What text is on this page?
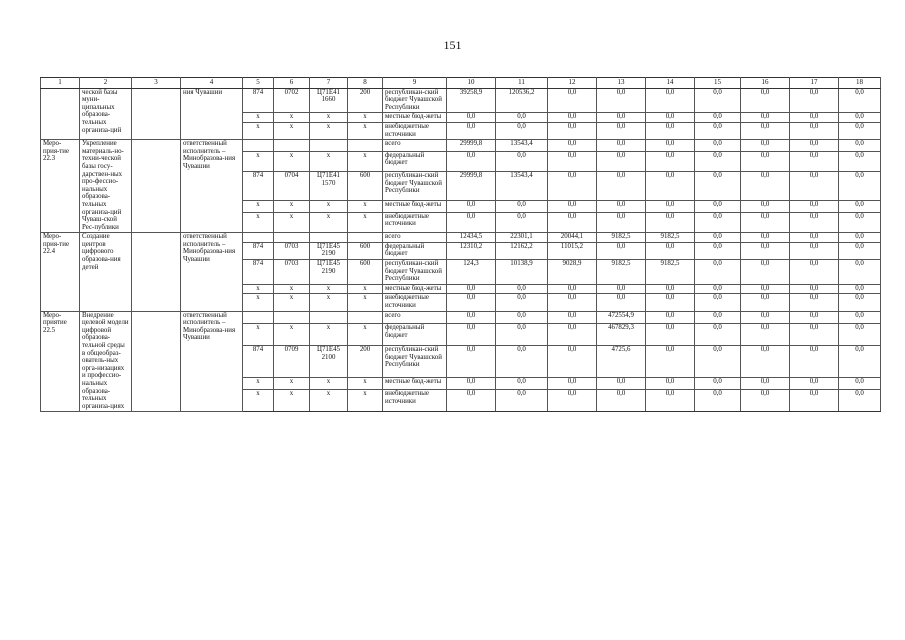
151
1	2	3	4	5	6	7	8	9	10	11	12	13	14	15	16	17	18
	ческой базы муни-ципальных образова-тельных организа-ций		ния Чувашии	874	0702	Ц71Е41 1660	200	республикан-ский бюджет Чувашской Республики	39258,9	120536,2	0,0	0,0	0,0	0,0	0,0	0,0	0,0
				x	x	x	x	местные бюд-жеты	0,0	0,0	0,0	0,0	0,0	0,0	0,0	0,0	0,0
				x	x	x	x	внебюджетные источники	0,0	0,0	0,0	0,0	0,0	0,0	0,0	0,0	0,0
Меро-прия-тие 22.3	Укрепление материаль-но-техни-ческой базы госу-дарствен-ных про-фессио-нальных образова-тельных организа-ций Чуваш-ской Рес-публики		ответственный исполнитель – Минобразова-ния Чувашии					всего	29999,8	13543,4	0,0	0,0	0,0	0,0	0,0	0,0	0,0
				x	x	x	x	федеральный бюджет	0,0	0,0	0,0	0,0	0,0	0,0	0,0	0,0	0,0
				874	0704	Ц71Е41 1570	600	республикан-ский бюджет Чувашской Республики	29999,8	13543,4	0,0	0,0	0,0	0,0	0,0	0,0	0,0
				x	x	x	x	местные бюд-жеты	0,0	0,0	0,0	0,0	0,0	0,0	0,0	0,0	0,0
				x	x	x	x	внебюджетные источники	0,0	0,0	0,0	0,0	0,0	0,0	0,0	0,0	0,0
Меро-прия-тие 22.4	Создание центров цифрового образова-ния детей		ответственный исполнитель – Минобразова-ния Чувашии					всего	12434,5	22301,1	20044,1	9182,5	9182,5	0,0	0,0	0,0	0,0
				874	0703	Ц71Е45 2190	600	федеральный бюджет	12310,2	12162,2	11015,2	0,0	0,0	0,0	0,0	0,0	0,0
				874	0703	Ц71Е45 2190	600	республикан-ский бюджет Чувашской Республики	124,3	10138,9	9028,9	9182,5	9182,5	0,0	0,0	0,0	0,0
				x	x	x	x	местные бюд-жеты	0,0	0,0	0,0	0,0	0,0	0,0	0,0	0,0	0,0
				x	x	x	x	внебюджетные источники	0,0	0,0	0,0	0,0	0,0	0,0	0,0	0,0	0,0
Меро-приятие 22.5	Внедрение целевой модели цифровой образова-тельной среды в общеобраз-ователь-ных орга-низациях и профессио-нальных образова-тельных организа-циях		ответственный исполнитель – Минобразова-ния Чувашии					всего	0,0	0,0	0,0	472554,9	0,0	0,0	0,0	0,0	0,0
				x	x	x	x	федеральный бюджет	0,0	0,0	0,0	467829,3	0,0	0,0	0,0	0,0	0,0
				874	0709	Ц71Е45 2100	200	республикан-ский бюджет Чувашской Республики	0,0	0,0	0,0	4725,6	0,0	0,0	0,0	0,0	0,0
				x	x	x	x	местные бюд-жеты	0,0	0,0	0,0	0,0	0,0	0,0	0,0	0,0	0,0
				x	x	x	x	внебюджетные источники	0,0	0,0	0,0	0,0	0,0	0,0	0,0	0,0	0,0
